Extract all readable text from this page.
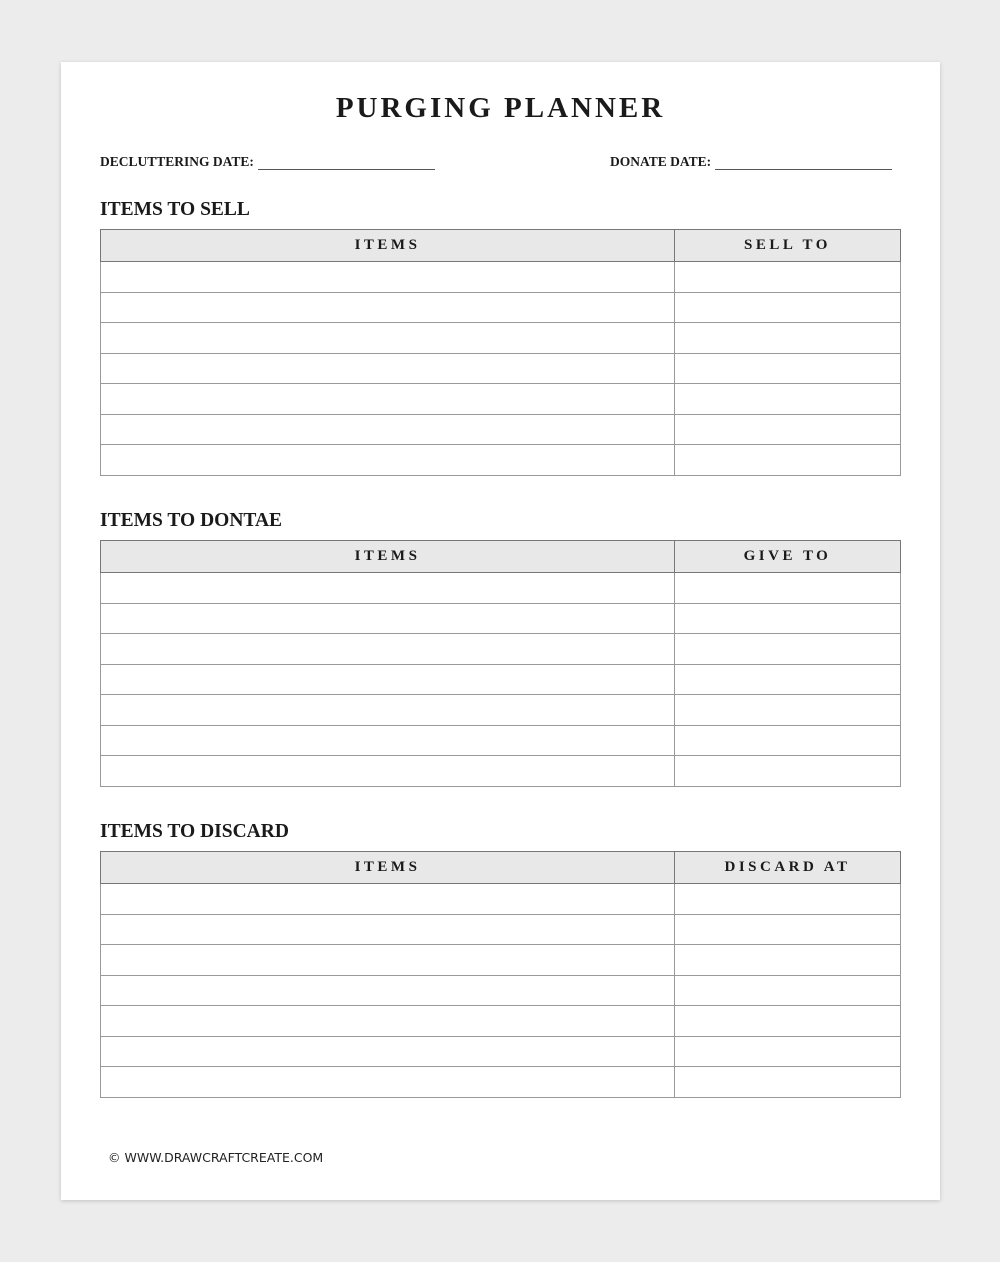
PURGING PLANNER
DECLUTTERING DATE:	DONATE DATE:
ITEMS TO SELL
ITEMS	SELL TO

ITEMS TO DONTAE
ITEMS	GIVE TO

ITEMS TO DISCARD
ITEMS	DISCARD AT

© WWW.DRAWCRAFTCREATE.COM
